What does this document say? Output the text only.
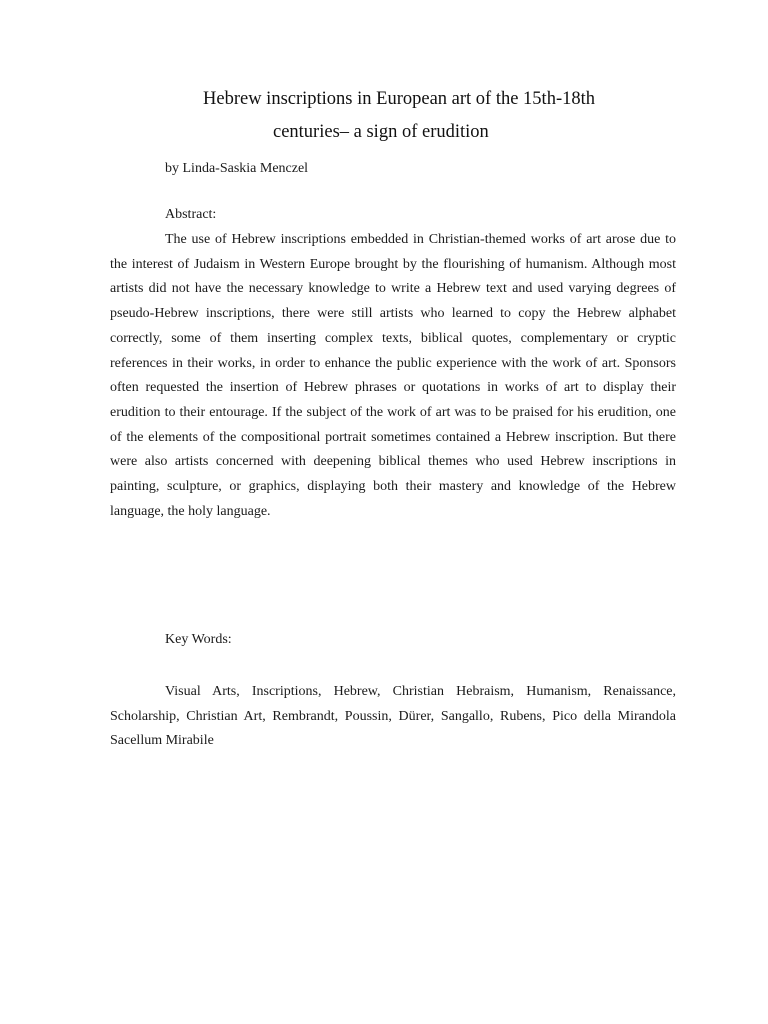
Hebrew inscriptions in European art of the 15th-18th
centuries– a sign of erudition
by Linda-Saskia Menczel
Abstract:

The use of Hebrew inscriptions embedded in Christian-themed works of art arose due to the interest of Judaism in Western Europe brought by the flourishing of humanism. Although most artists did not have the necessary knowledge to write a Hebrew text and used varying degrees of pseudo-Hebrew inscriptions, there were still artists who learned to copy the Hebrew alphabet correctly, some of them inserting complex texts, biblical quotes, complementary or cryptic references in their works, in order to enhance the public experience with the work of art. Sponsors often requested the insertion of Hebrew phrases or quotations in works of art to display their erudition to their entourage. If the subject of the work of art was to be praised for his erudition, one of the elements of the compositional portrait sometimes contained a Hebrew inscription. But there were also artists concerned with deepening biblical themes who used Hebrew inscriptions in painting, sculpture, or graphics, displaying both their mastery and knowledge of the Hebrew language, the holy language.

Key Words:

Visual Arts, Inscriptions, Hebrew, Christian Hebraism, Humanism, Renaissance, Scholarship, Christian Art, Rembrandt, Poussin, Dürer, Sangallo, Rubens, Pico della Mirandola Sacellum Mirabile
